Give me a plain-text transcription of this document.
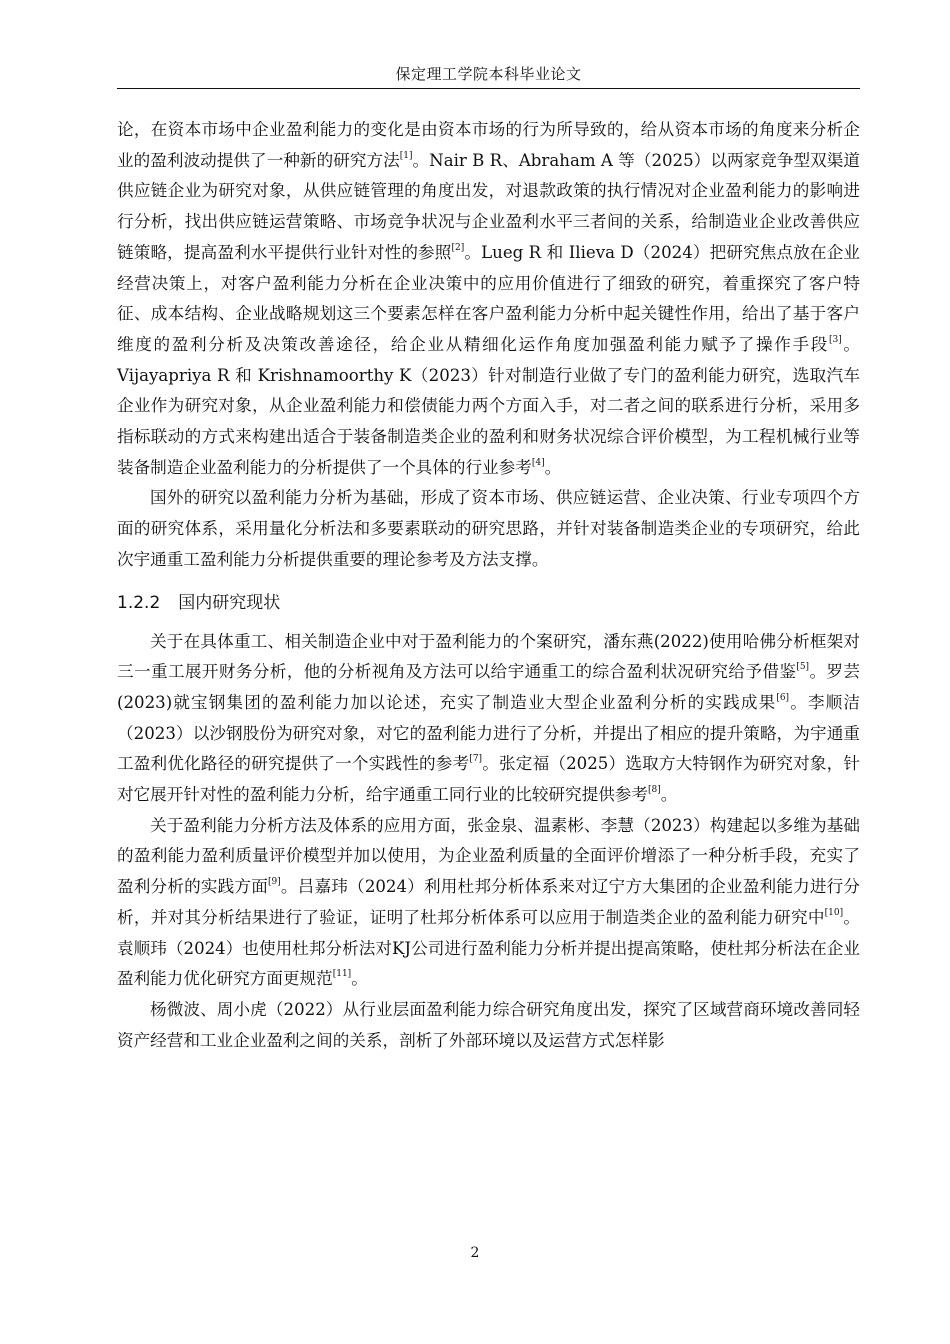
保定理工学院本科毕业论文

论，在资本市场中企业盈利能力的变化是由资本市场的行为所导致的，给从资本市场的角度来分析企业的盈利波动提供了一种新的研究方法[1]。Nair B R、Abraham A 等（2025）以两家竞争型双渠道供应链企业为研究对象，从供应链管理的角度出发，对退款政策的执行情况对企业盈利能力的影响进行分析，找出供应链运营策略、市场竞争状况与企业盈利水平三者间的关系，给制造业企业改善供应链策略，提高盈利水平提供行业针对性的参照[2]。Lueg R 和 Ilieva D（2024）把研究焦点放在企业经营决策上，对客户盈利能力分析在企业决策中的应用价值进行了细致的研究，着重探究了客户特征、成本结构、企业战略规划这三个要素怎样在客户盈利能力分析中起关键性作用，给出了基于客户维度的盈利分析及决策改善途径，给企业从精细化运作角度加强盈利能力赋予了操作手段[3]。Vijayapriya R 和 Krishnamoorthy K（2023）针对制造行业做了专门的盈利能力研究，选取汽车企业作为研究对象，从企业盈利能力和偿债能力两个方面入手，对二者之间的联系进行分析，采用多指标联动的方式来构建出适合于装备制造类企业的盈利和财务状况综合评价模型，为工程机械行业等装备制造企业盈利能力的分析提供了一个具体的行业参考[4]。

国外的研究以盈利能力分析为基础，形成了资本市场、供应链运营、企业决策、行业专项四个方面的研究体系，采用量化分析法和多要素联动的研究思路，并针对装备制造类企业的专项研究，给此次宇通重工盈利能力分析提供重要的理论参考及方法支撑。

1.2.2 国内研究现状

关于在具体重工、相关制造企业中对于盈利能力的个案研究，潘东燕(2022)使用哈佛分析框架对三一重工展开财务分析，他的分析视角及方法可以给宇通重工的综合盈利状况研究给予借鉴[5]。罗芸(2023)就宝钢集团的盈利能力加以论述，充实了制造业大型企业盈利分析的实践成果[6]。李顺洁（2023）以沙钢股份为研究对象，对它的盈利能力进行了分析，并提出了相应的提升策略，为宇通重工盈利优化路径的研究提供了一个实践性的参考[7]。张定福（2025）选取方大特钢作为研究对象，针对它展开针对性的盈利能力分析，给宇通重工同行业的比较研究提供参考[8]。

关于盈利能力分析方法及体系的应用方面，张金泉、温素彬、李慧（2023）构建起以多维为基础的盈利能力盈利质量评价模型并加以使用，为企业盈利质量的全面评价增添了一种分析手段，充实了盈利分析的实践方面[9]。吕嘉玮（2024）利用杜邦分析体系来对辽宁方大集团的企业盈利能力进行分析，并对其分析结果进行了验证，证明了杜邦分析体系可以应用于制造类企业的盈利能力研究中[10]。袁顺玮（2024）也使用杜邦分析法对KJ公司进行盈利能力分析并提出提高策略，使杜邦分析法在企业盈利能力优化研究方面更规范[11]。

杨微波、周小虎（2022）从行业层面盈利能力综合研究角度出发，探究了区域营商环境改善同轻资产经营和工业企业盈利之间的关系，剖析了外部环境以及运营方式怎样影

2
